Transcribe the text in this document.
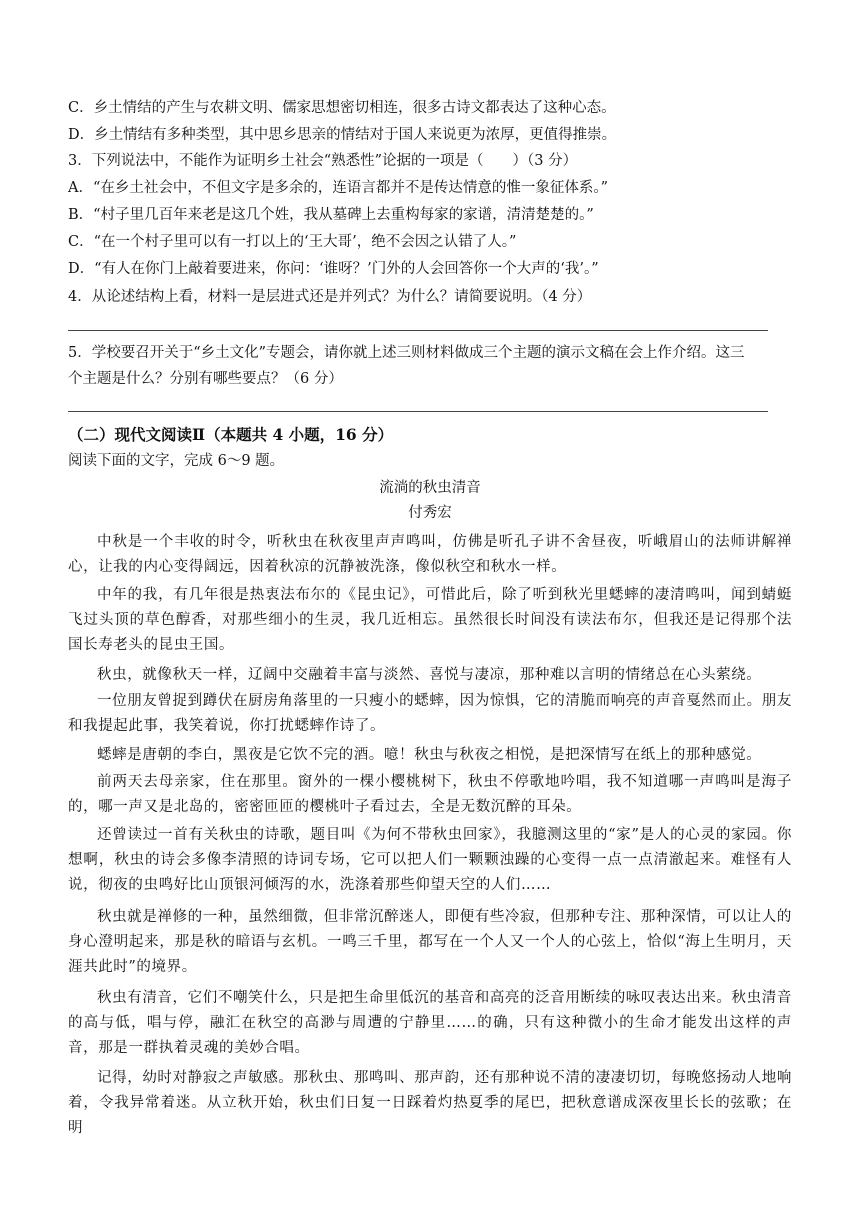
C．乡土情结的产生与农耕文明、儒家思想密切相连，很多古诗文都表达了这种心态。
D．乡土情结有多种类型，其中思乡思亲的情结对于国人来说更为浓厚，更值得推崇。
3．下列说法中，不能作为证明乡土社会“熟悉性”论据的一项是（　　）（3 分）
A．“在乡土社会中，不但文字是多余的，连语言都并不是传达情意的惟一象征体系。”
B．“村子里几百年来老是这几个姓，我从墓碑上去重构每家的家谱，清清楚楚的。”
C．“在一个村子里可以有一打以上的‘王大哥’，绝不会因之认错了人。”
D．“有人在你门上敲着要进来，你问：‘谁呀？’门外的人会回答你一个大声的‘我’。”
4．从论述结构上看，材料一是层进式还是并列式？为什么？请简要说明。（4 分）
5．学校要召开关于“乡土文化”专题会，请你就上述三则材料做成三个主题的演示文稿在会上作介绍。这三
个主题是什么？分别有哪些要点？（6 分）
（二）现代文阅读Ⅱ（本题共 4 小题，16 分）
阅读下面的文字，完成 6～9 题。
流淌的秋虫清音
付秀宏

中秋是一个丰收的时令，听秋虫在秋夜里声声鸣叫，仿佛是听孔子讲不舍昼夜，听峨眉山的法师讲解禅心，让我的内心变得阔远，因着秋凉的沉静被洗涤，像似秋空和秋水一样。

中年的我，有几年很是热衷法布尔的《昆虫记》，可惜此后，除了听到秋光里蟋蟀的凄清鸣叫，闻到蜻蜓飞过头顶的草色醇香，对那些细小的生灵，我几近相忘。虽然很长时间没有读法布尔，但我还是记得那个法国长寿老头的昆虫王国。

秋虫，就像秋天一样，辽阔中交融着丰富与淡然、喜悦与凄凉，那种难以言明的情绪总在心头萦绕。

一位朋友曾捉到蹲伏在厨房角落里的一只瘦小的蟋蟀，因为惊惧，它的清脆而响亮的声音戛然而止。朋友和我提起此事，我笑着说，你打扰蟋蟀作诗了。

蟋蟀是唐朝的李白，黑夜是它饮不完的酒。噫！秋虫与秋夜之相悦，是把深情写在纸上的那种感觉。

前两天去母亲家，住在那里。窗外的一棵小樱桃树下，秋虫不停歌地吟唱，我不知道哪一声鸣叫是海子的，哪一声又是北岛的，密密匝匝的樱桃叶子看过去，全是无数沉醉的耳朵。

还曾读过一首有关秋虫的诗歌，题目叫《为何不带秋虫回家》，我臆测这里的“家”是人的心灵的家园。你想啊，秋虫的诗会多像李清照的诗词专场，它可以把人们一颗颗浊躁的心变得一点一点清澈起来。难怪有人说，彻夜的虫鸣好比山顶银河倾泻的水，洗涤着那些仰望天空的人们……

秋虫就是禅修的一种，虽然细微，但非常沉醉迷人，即便有些冷寂，但那种专注、那种深情，可以让人的身心澄明起来，那是秋的暗语与玄机。一鸣三千里，都写在一个人又一个人的心弦上，恰似“海上生明月，天涯共此时”的境界。

秋虫有清音，它们不嘲笑什么，只是把生命里低沉的基音和高亮的泛音用断续的咏叹表达出来。秋虫清音的高与低，唱与停，融汇在秋空的高渺与周遭的宁静里……的确，只有这种微小的生命才能发出这样的声音，那是一群执着灵魂的美妙合唱。

记得，幼时对静寂之声敏感。那秋虫、那鸣叫、那声韵，还有那种说不清的凄凄切切，每晚悠扬动人地响着，令我异常着迷。从立秋开始，秋虫们日复一日踩着灼热夏季的尾巴，把秋意谱成深夜里长长的弦歌；在明
